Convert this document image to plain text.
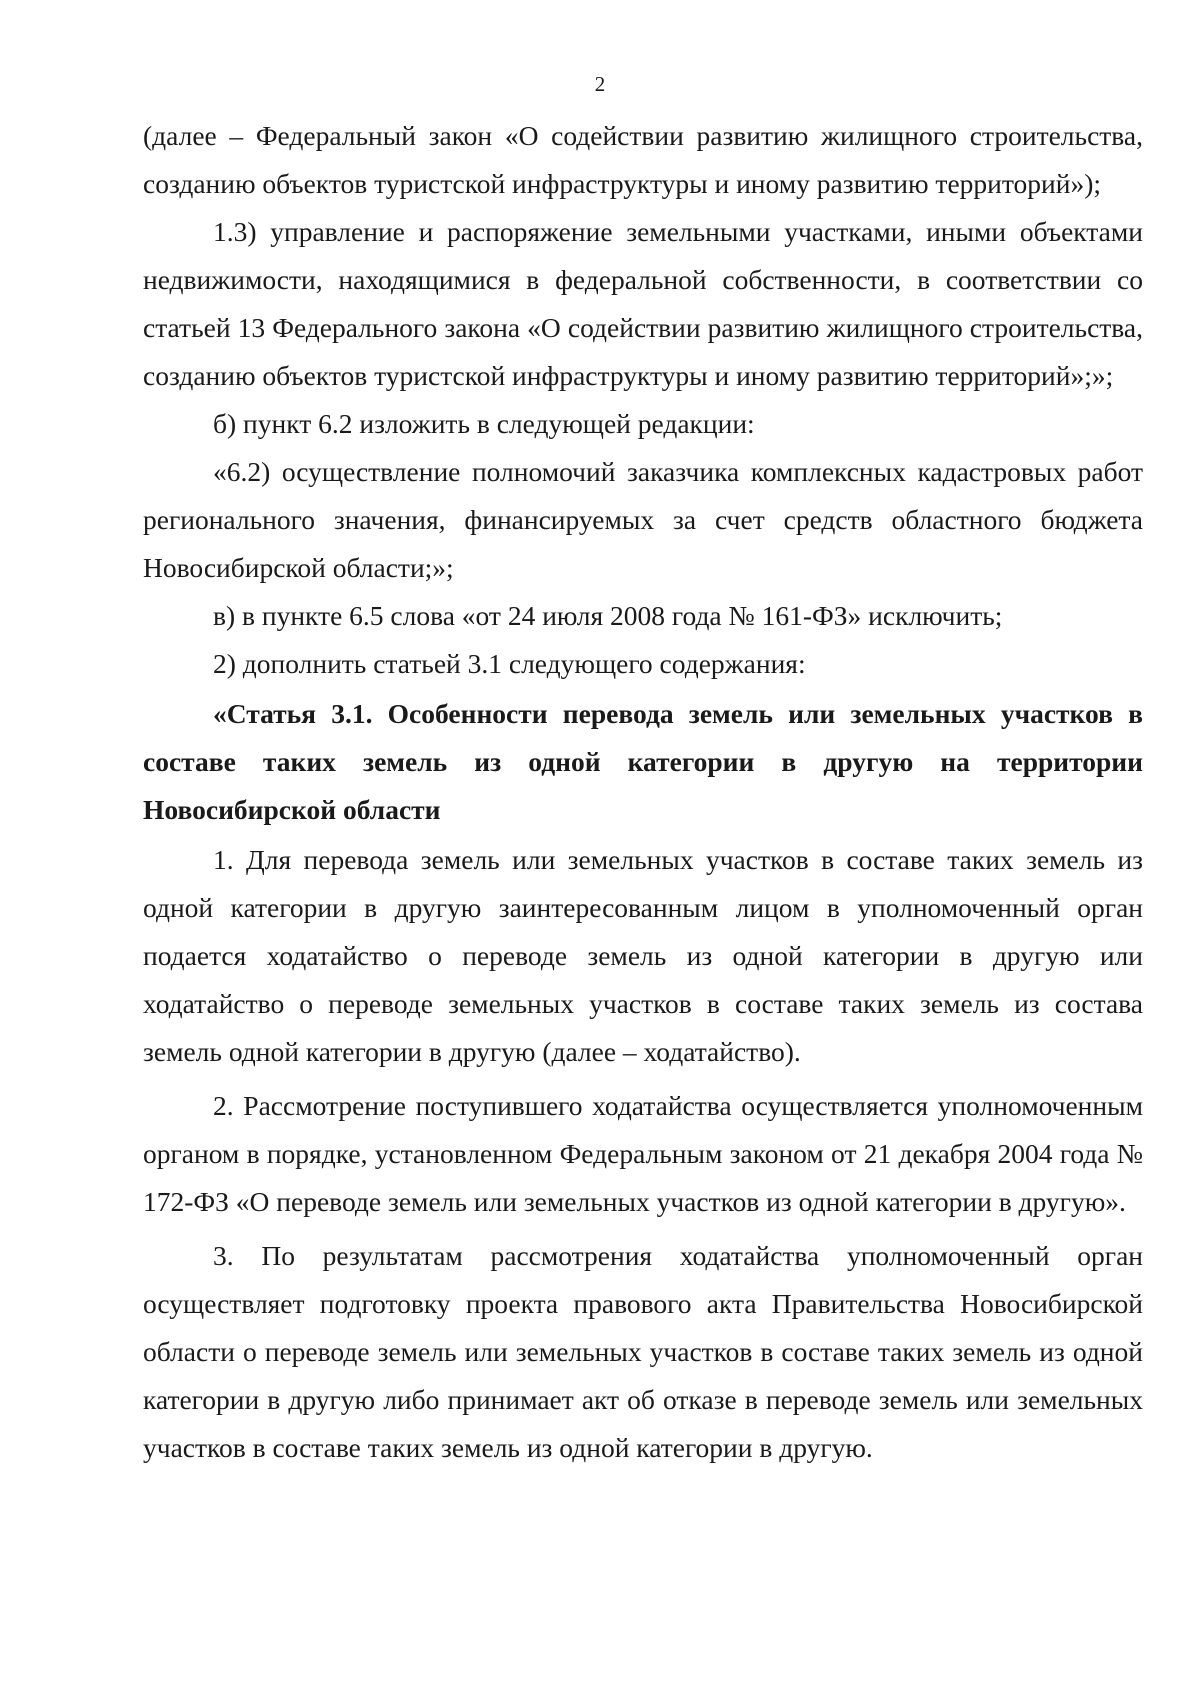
2

(далее – Федеральный закон «О содействии развитию жилищного строительства, созданию объектов туристской инфраструктуры и иному развитию территорий»);

1.3) управление и распоряжение земельными участками, иными объектами недвижимости, находящимися в федеральной собственности, в соответствии со статьей 13 Федерального закона «О содействии развитию жилищного строительства, созданию объектов туристской инфраструктуры и иному развитию территорий»;»;

б) пункт 6.2 изложить в следующей редакции:

«6.2) осуществление полномочий заказчика комплексных кадастровых работ регионального значения, финансируемых за счет средств областного бюджета Новосибирской области;»;

в) в пункте 6.5 слова «от 24 июля 2008 года № 161-ФЗ» исключить;

2) дополнить статьей 3.1 следующего содержания:

«Статья 3.1. Особенности перевода земель или земельных участков в составе таких земель из одной категории в другую на территории Новосибирской области

1. Для перевода земель или земельных участков в составе таких земель из одной категории в другую заинтересованным лицом в уполномоченный орган подается ходатайство о переводе земель из одной категории в другую или ходатайство о переводе земельных участков в составе таких земель из состава земель одной категории в другую (далее – ходатайство).

2. Рассмотрение поступившего ходатайства осуществляется уполномоченным органом в порядке, установленном Федеральным законом от 21 декабря 2004 года № 172-ФЗ «О переводе земель или земельных участков из одной категории в другую».

3. По результатам рассмотрения ходатайства уполномоченный орган осуществляет подготовку проекта правового акта Правительства Новосибирской области о переводе земель или земельных участков в составе таких земель из одной категории в другую либо принимает акт об отказе в переводе земель или земельных участков в составе таких земель из одной категории в другую.
